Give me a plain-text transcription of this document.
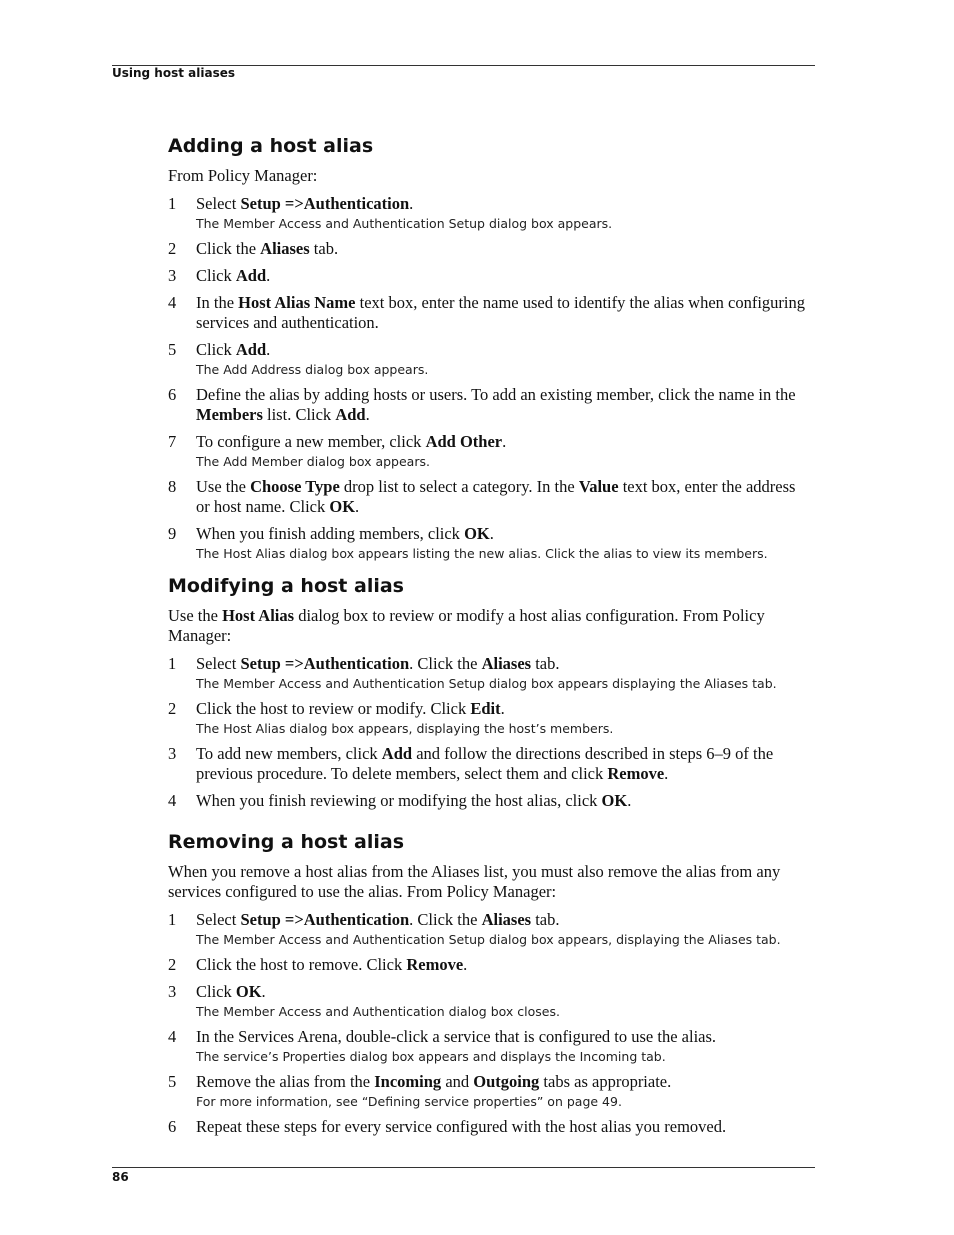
Using host aliases
Adding a host alias

From Policy Manager:

1 Select Setup =>Authentication.
The Member Access and Authentication Setup dialog box appears.
2 Click the Aliases tab.
3 Click Add.
4 In the Host Alias Name text box, enter the name used to identify the alias when configuring services and authentication.
5 Click Add.
The Add Address dialog box appears.
6 Define the alias by adding hosts or users. To add an existing member, click the name in the Members list. Click Add.
7 To configure a new member, click Add Other.
The Add Member dialog box appears.
8 Use the Choose Type drop list to select a category. In the Value text box, enter the address or host name. Click OK.
9 When you finish adding members, click OK.
The Host Alias dialog box appears listing the new alias. Click the alias to view its members.
Modifying a host alias

Use the Host Alias dialog box to review or modify a host alias configuration. From Policy Manager:

1 Select Setup =>Authentication. Click the Aliases tab.
The Member Access and Authentication Setup dialog box appears displaying the Aliases tab.
2 Click the host to review or modify. Click Edit.
The Host Alias dialog box appears, displaying the host’s members.
3 To add new members, click Add and follow the directions described in steps 6–9 of the previous procedure. To delete members, select them and click Remove.
4 When you finish reviewing or modifying the host alias, click OK.
Removing a host alias

When you remove a host alias from the Aliases list, you must also remove the alias from any services configured to use the alias. From Policy Manager:

1 Select Setup =>Authentication. Click the Aliases tab.
The Member Access and Authentication Setup dialog box appears, displaying the Aliases tab.
2 Click the host to remove. Click Remove.
3 Click OK.
The Member Access and Authentication dialog box closes.
4 In the Services Arena, double-click a service that is configured to use the alias.
The service’s Properties dialog box appears and displays the Incoming tab.
5 Remove the alias from the Incoming and Outgoing tabs as appropriate.
For more information, see “Defining service properties” on page 49.
6 Repeat these steps for every service configured with the host alias you removed.
86
